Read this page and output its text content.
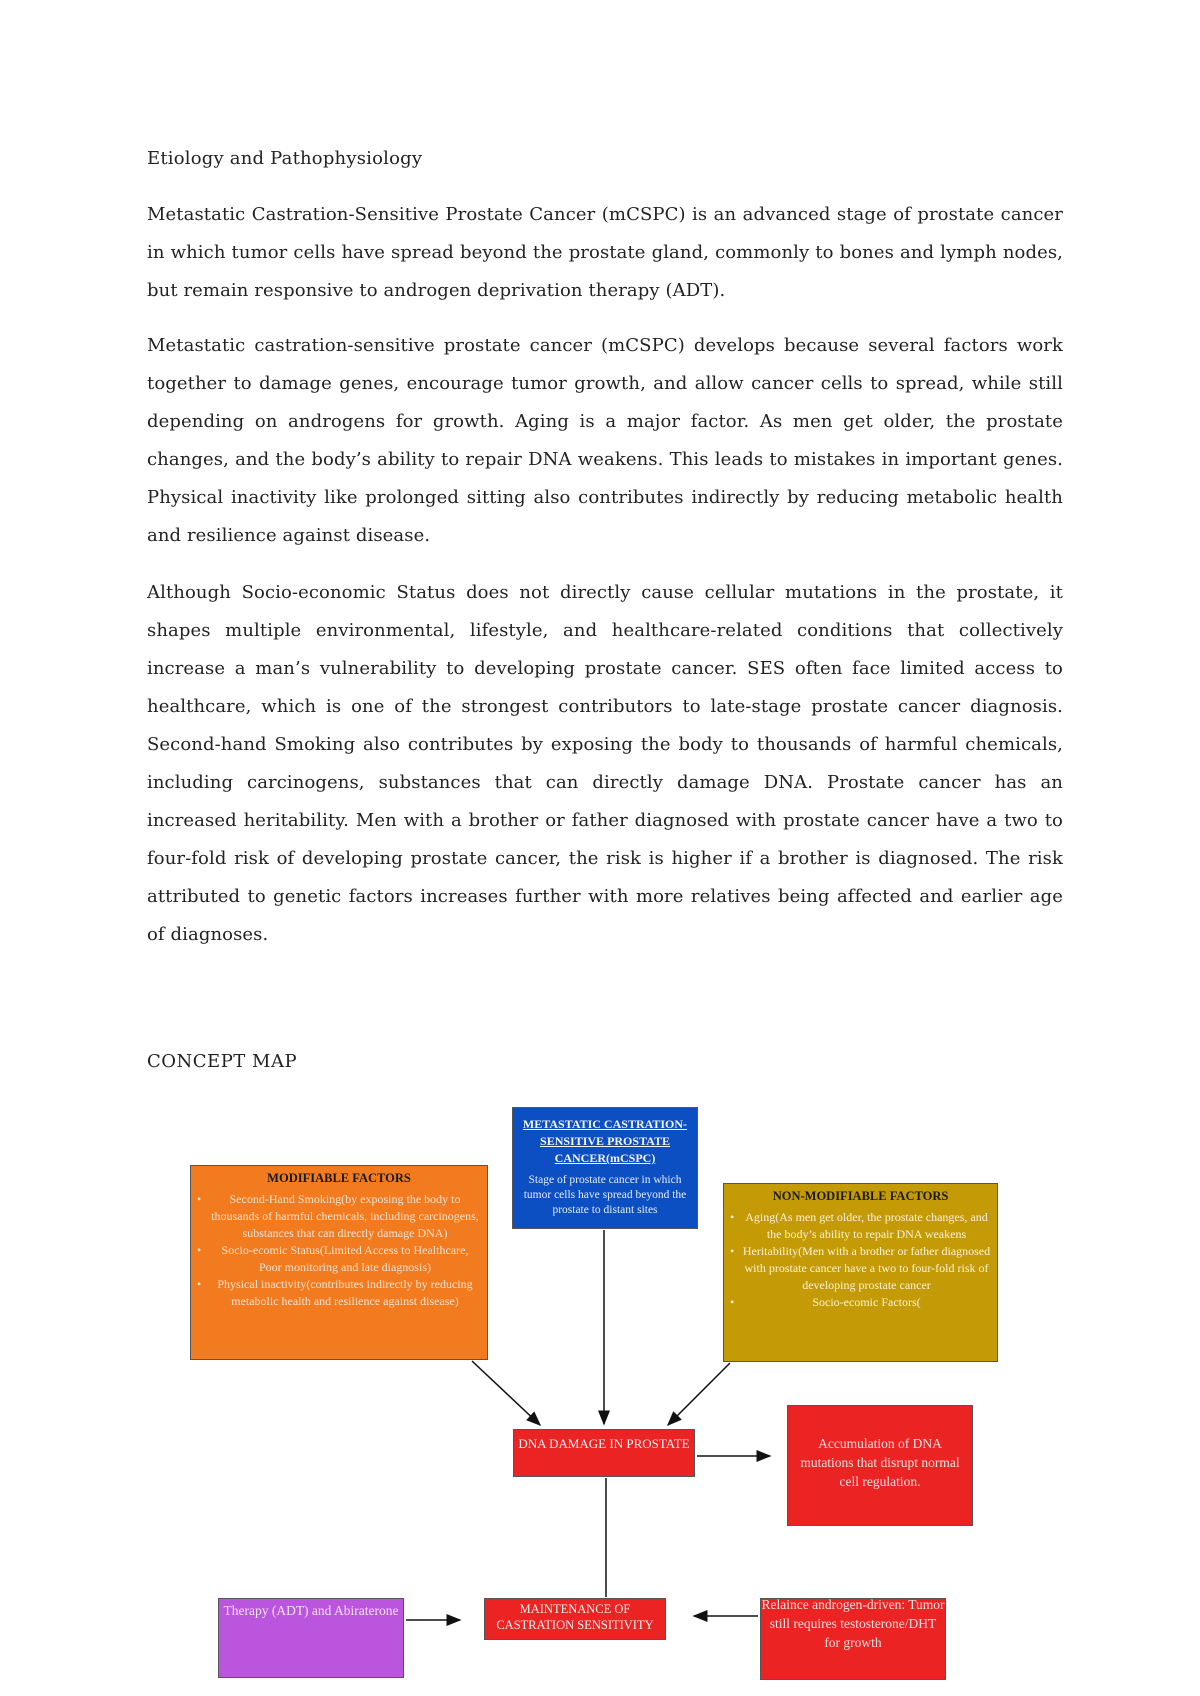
Etiology and Pathophysiology

Metastatic Castration-Sensitive Prostate Cancer (mCSPC) is an advanced stage of prostate cancer in which tumor cells have spread beyond the prostate gland, commonly to bones and lymph nodes, but remain responsive to androgen deprivation therapy (ADT).

Metastatic castration-sensitive prostate cancer (mCSPC) develops because several factors work together to damage genes, encourage tumor growth, and allow cancer cells to spread, while still depending on androgens for growth. Aging is a major factor. As men get older, the prostate changes, and the body’s ability to repair DNA weakens. This leads to mistakes in important genes. Physical inactivity like prolonged sitting also contributes indirectly by reducing metabolic health and resilience against disease.

Although Socio-economic Status does not directly cause cellular mutations in the prostate, it shapes multiple environmental, lifestyle, and healthcare-related conditions that collectively increase a man’s vulnerability to developing prostate cancer. SES often face limited access to healthcare, which is one of the strongest contributors to late-stage prostate cancer diagnosis. Second-hand Smoking also contributes by exposing the body to thousands of harmful chemicals, including carcinogens, substances that can directly damage DNA. Prostate cancer has an increased heritability. Men with a brother or father diagnosed with prostate cancer have a two to four-fold risk of developing prostate cancer, the risk is higher if a brother is diagnosed. The risk attributed to genetic factors increases further with more relatives being affected and earlier age of diagnoses.

CONCEPT MAP
METASTATIC CASTRATION-SENSITIVE PROSTATE CANCER(mCSPC)
Stage of prostate cancer in which tumor cells have spread beyond the prostate to distant sites
MODIFIABLE FACTORS
• Second-Hand Smoking(by exposing the body to thousands of harmful chemicals, including carcinogens, substances that can directly damage DNA)
• Socio-ecomic Status(Limited Access to Healthcare, Poor monitoring and late diagnosis)
• Physical inactivity(contributes indirectly by reducing metabolic health and resilience against disease)
NON-MODIFIABLE FACTORS
• Aging(As men get older, the prostate changes, and the body’s ability to repair DNA weakens
• Heritability(Men with a brother or father diagnosed with prostate cancer have a two to four-fold risk of developing prostate cancer
• Socio-ecomic Factors(
DNA DAMAGE IN PROSTATE	Accumulation of DNA mutations that disrupt normal cell regulation.
Therapy (ADT) and Abiraterone	MAINTENANCE OF CASTRATION SENSITIVITY
Relaince androgen-driven: Tumor still requires testosterone/DHT for growth
